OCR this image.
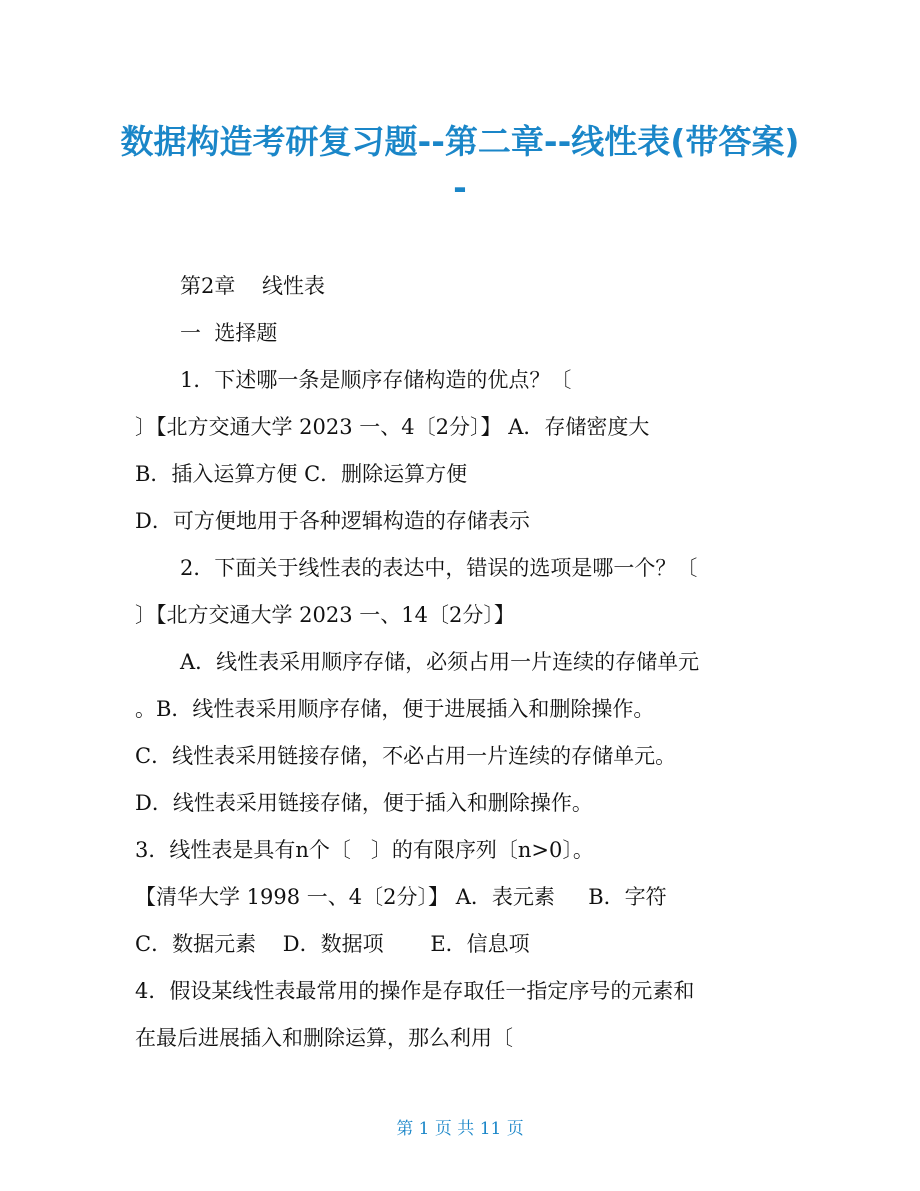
数据构造考研复习题--第二章--线性表(带答案)
-
第2章    线性表
一  选择题
1．下述哪一条是顺序存储构造的优点？〔
〕【北方交通大学 2023 一、4〔2分〕】 A．存储密度大
B．插入运算方便 C．删除运算方便
D．可方便地用于各种逻辑构造的存储表示
2．下面关于线性表的表达中，错误的选项是哪一个？〔
〕【北方交通大学 2023 一、14〔2分〕】
A．线性表采用顺序存储，必须占用一片连续的存储单元
。B．线性表采用顺序存储，便于进展插入和删除操作。
C．线性表采用链接存储，不必占用一片连续的存储单元。
D．线性表采用链接存储，便于插入和删除操作。
3．线性表是具有n个〔   〕的有限序列〔n>0〕。
【清华大学 1998 一、4〔2分〕】 A．表元素     B．字符
C．数据元素    D．数据项       E．信息项
4．假设某线性表最常用的操作是存取任一指定序号的元素和
在最后进展插入和删除运算，那么利用〔
第 1 页 共 11 页
